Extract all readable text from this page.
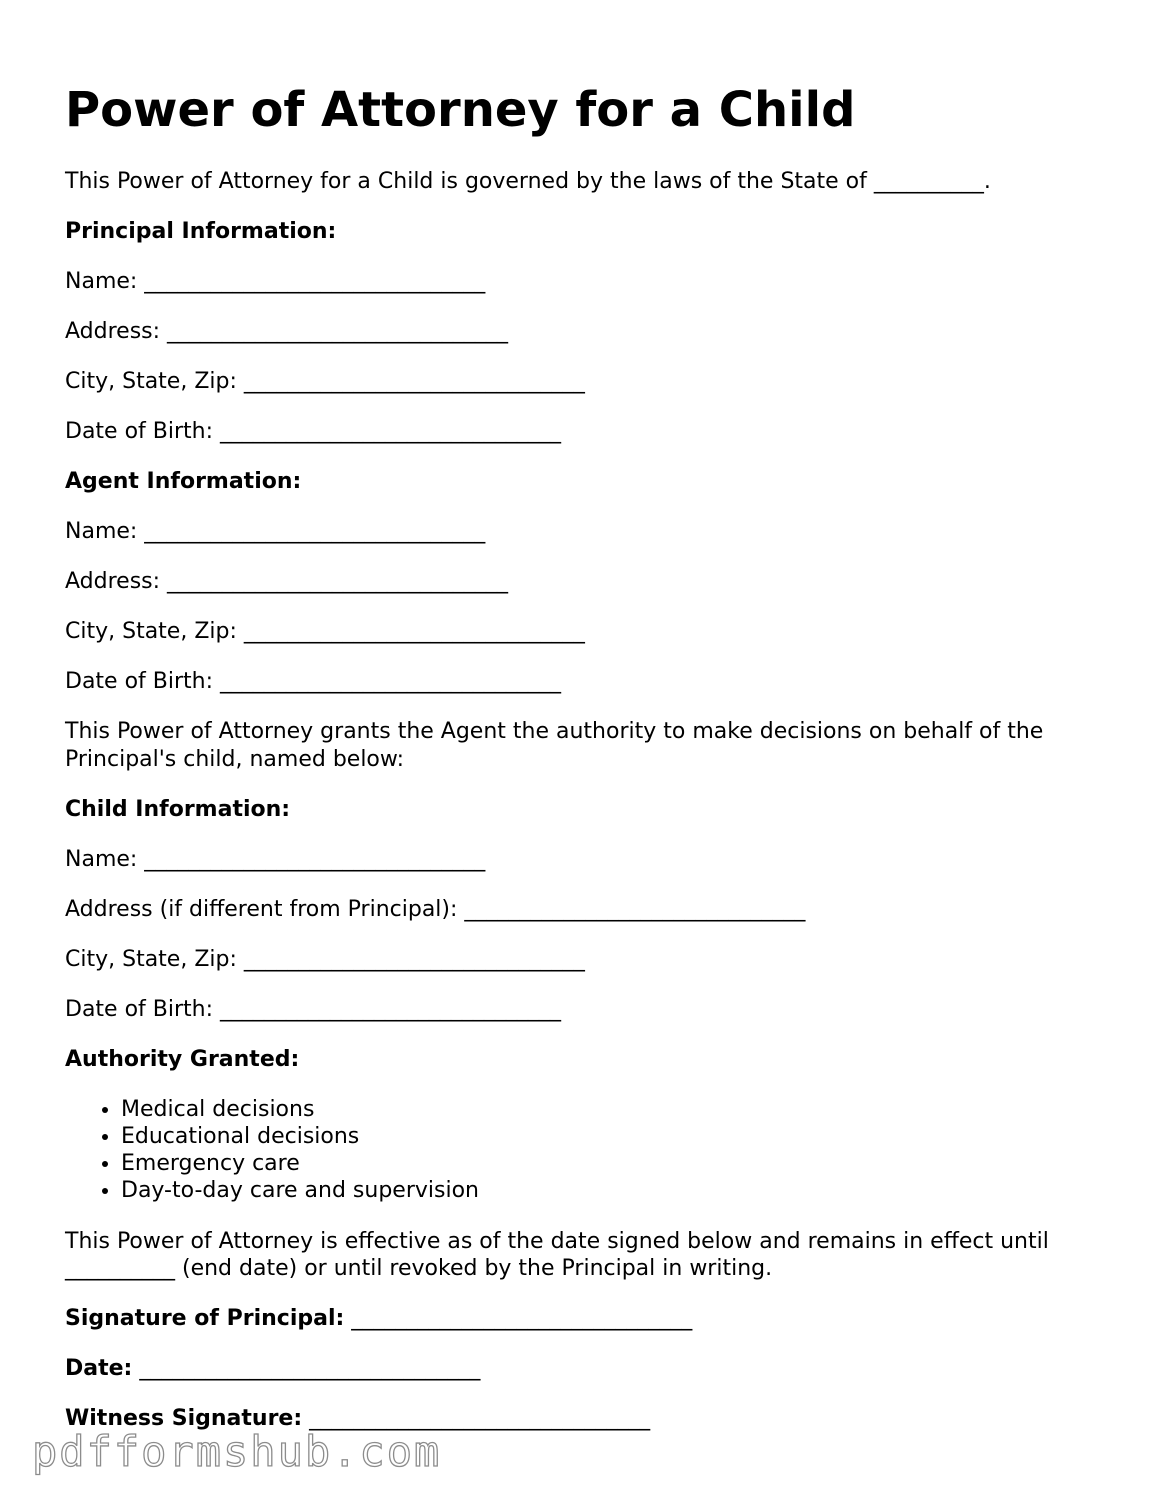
Power of Attorney for a Child

This Power of Attorney for a Child is governed by the laws of the State of __________.

Principal Information:

Name: _______________________________

Address: _______________________________

City, State, Zip: _______________________________

Date of Birth: _______________________________

Agent Information:

Name: _______________________________

Address: _______________________________

City, State, Zip: _______________________________

Date of Birth: _______________________________

This Power of Attorney grants the Agent the authority to make decisions on behalf of the

Principal's child, named below:

Child Information:

Name: _______________________________

Address (if different from Principal): _______________________________

City, State, Zip: _______________________________

Date of Birth: _______________________________

Authority Granted:

• Medical decisions
• Educational decisions
• Emergency care
• Day-to-day care and supervision

This Power of Attorney is effective as of the date signed below and remains in effect until

__________ (end date) or until revoked by the Principal in writing.

Signature of Principal: _______________________________

Date: _______________________________

Witness Signature: _______________________________

pdfformshub.com
